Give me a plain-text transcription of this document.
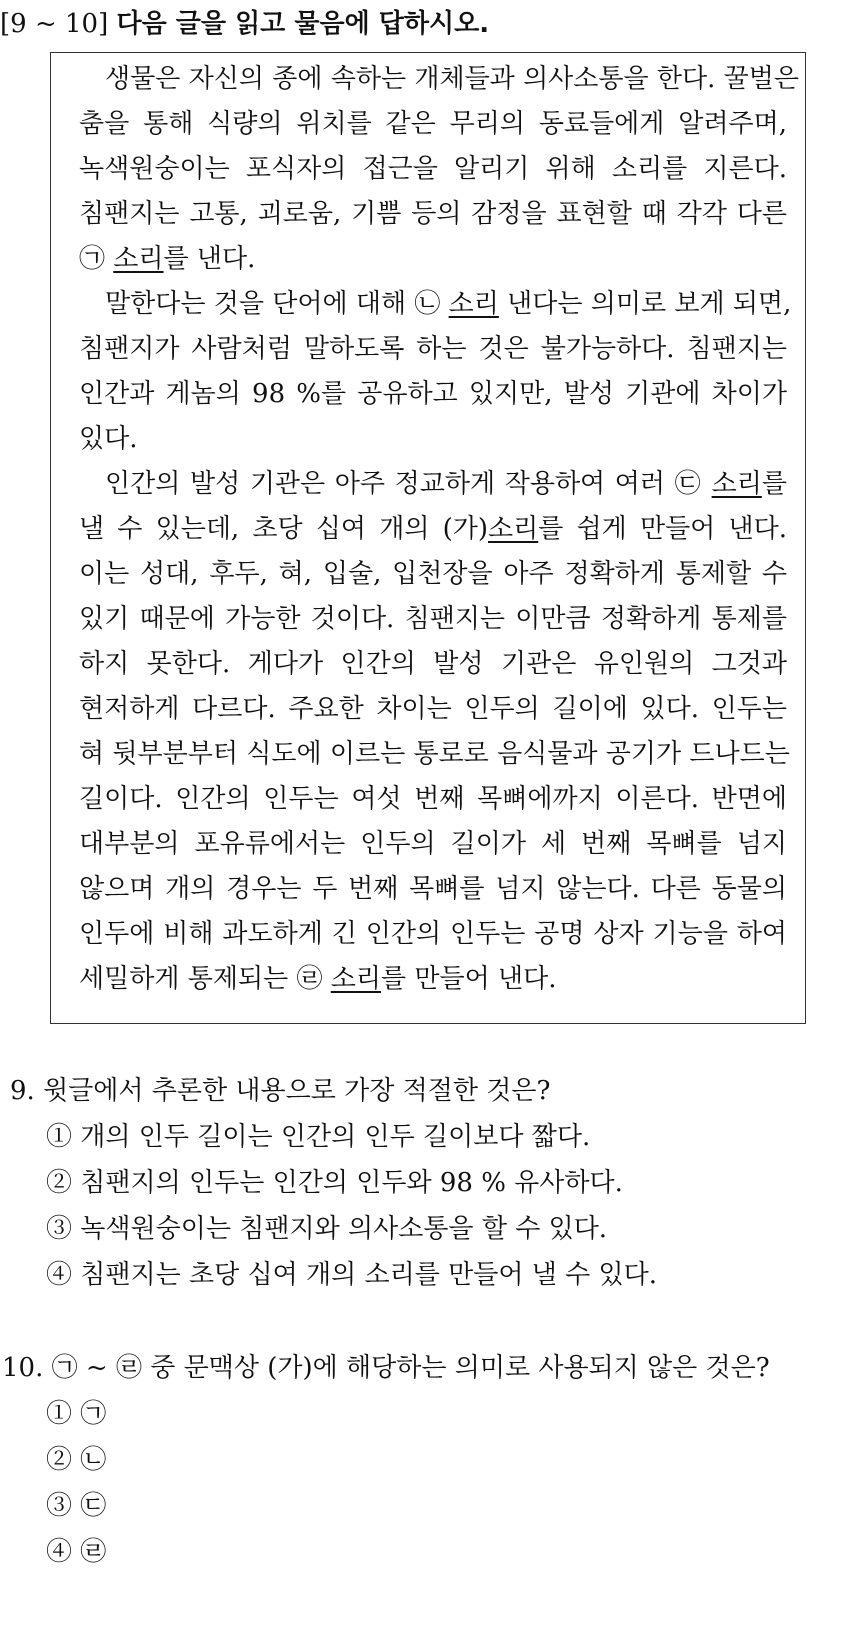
[9 ~ 10] 다음 글을 읽고 물음에 답하시오.
생물은 자신의 종에 속하는 개체들과 의사소통을 한다. 꿀벌은
춤을 통해 식량의 위치를 같은 무리의 동료들에게 알려주며,
녹색원숭이는 포식자의 접근을 알리기 위해 소리를 지른다.
침팬지는 고통, 괴로움, 기쁨 등의 감정을 표현할 때 각각 다른
㉠ 소리를 낸다.
말한다는 것을 단어에 대해 ㉡ 소리 낸다는 의미로 보게 되면,
침팬지가 사람처럼 말하도록 하는 것은 불가능하다. 침팬지는
인간과 게놈의 98 %를 공유하고 있지만, 발성 기관에 차이가
있다.
인간의 발성 기관은 아주 정교하게 작용하여 여러 ㉢ 소리를
낼 수 있는데, 초당 십여 개의 (가)소리를 쉽게 만들어 낸다.
이는 성대, 후두, 혀, 입술, 입천장을 아주 정확하게 통제할 수
있기 때문에 가능한 것이다. 침팬지는 이만큼 정확하게 통제를
하지 못한다. 게다가 인간의 발성 기관은 유인원의 그것과
현저하게 다르다. 주요한 차이는 인두의 길이에 있다. 인두는
혀 뒷부분부터 식도에 이르는 통로로 음식물과 공기가 드나드는
길이다. 인간의 인두는 여섯 번째 목뼈에까지 이른다. 반면에
대부분의 포유류에서는 인두의 길이가 세 번째 목뼈를 넘지
않으며 개의 경우는 두 번째 목뼈를 넘지 않는다. 다른 동물의
인두에 비해 과도하게 긴 인간의 인두는 공명 상자 기능을 하여
세밀하게 통제되는 ㉣ 소리를 만들어 낸다.
9. 윗글에서 추론한 내용으로 가장 적절한 것은?
① 개의 인두 길이는 인간의 인두 길이보다 짧다.
② 침팬지의 인두는 인간의 인두와 98 % 유사하다.
③ 녹색원숭이는 침팬지와 의사소통을 할 수 있다.
④ 침팬지는 초당 십여 개의 소리를 만들어 낼 수 있다.
10. ㉠ ~ ㉣ 중 문맥상 (가)에 해당하는 의미로 사용되지 않은 것은?
① ㉠
② ㉡
③ ㉢
④ ㉣
